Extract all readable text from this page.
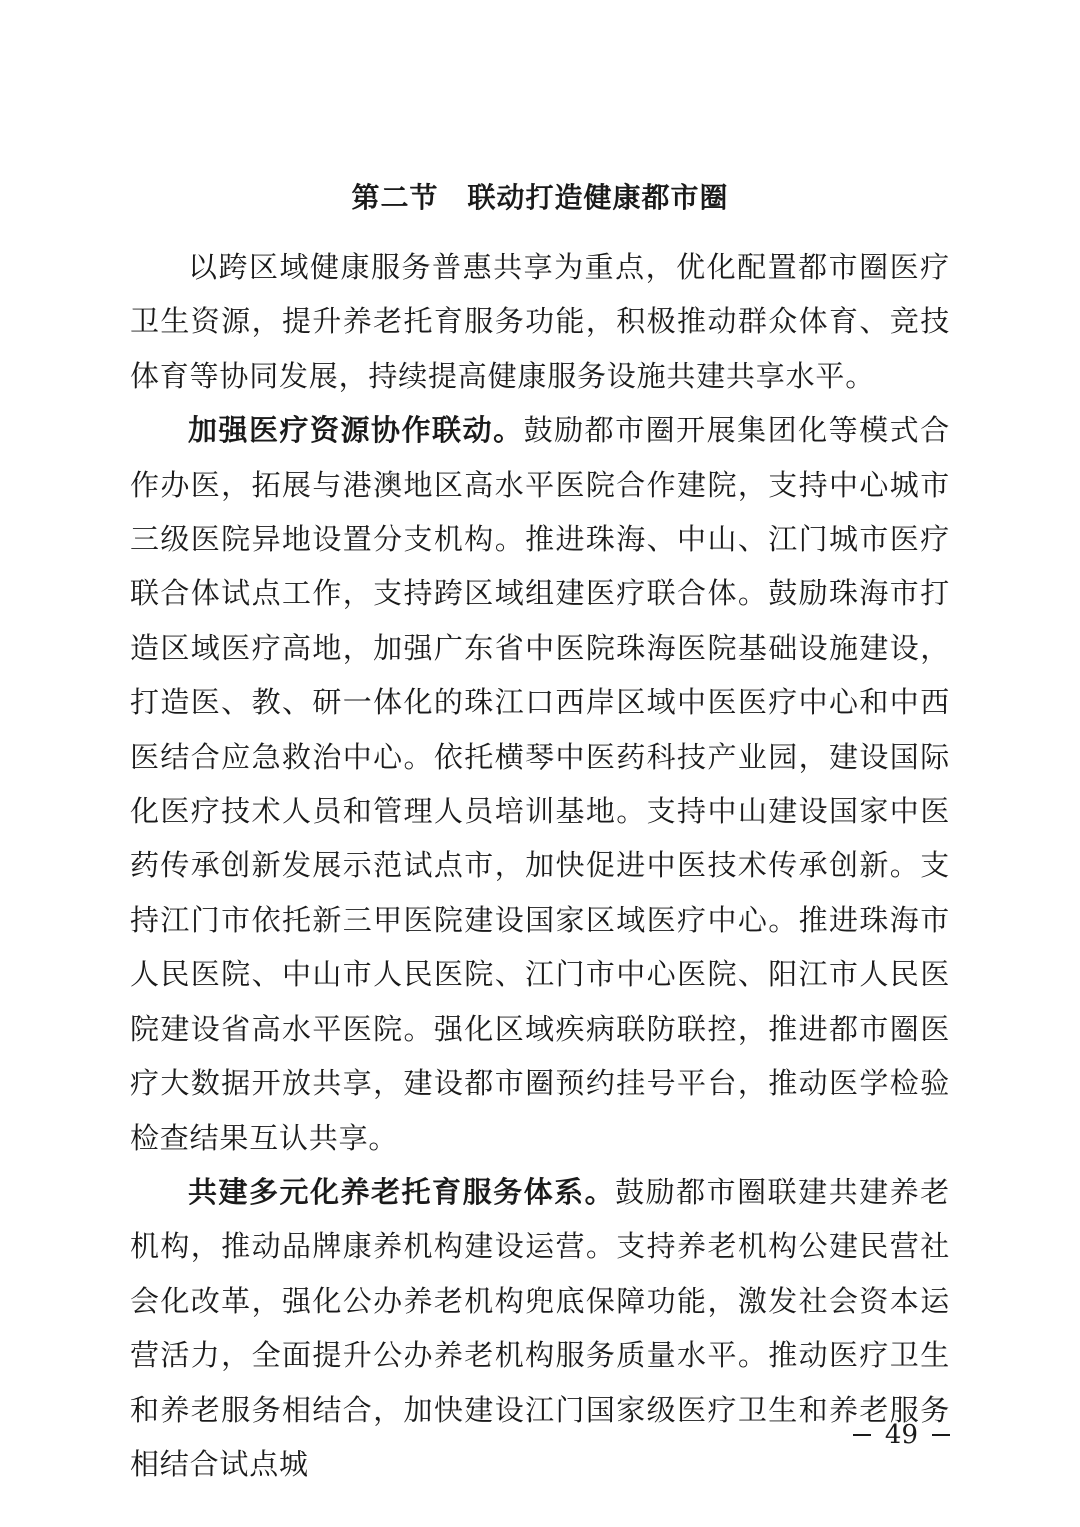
第二节　联动打造健康都市圈

以跨区域健康服务普惠共享为重点，优化配置都市圈医疗卫生资源，提升养老托育服务功能，积极推动群众体育、竞技体育等协同发展，持续提高健康服务设施共建共享水平。

加强医疗资源协作联动。鼓励都市圈开展集团化等模式合作办医，拓展与港澳地区高水平医院合作建院，支持中心城市三级医院异地设置分支机构。推进珠海、中山、江门城市医疗联合体试点工作，支持跨区域组建医疗联合体。鼓励珠海市打造区域医疗高地，加强广东省中医院珠海医院基础设施建设，打造医、教、研一体化的珠江口西岸区域中医医疗中心和中西医结合应急救治中心。依托横琴中医药科技产业园，建设国际化医疗技术人员和管理人员培训基地。支持中山建设国家中医药传承创新发展示范试点市，加快促进中医技术传承创新。支持江门市依托新三甲医院建设国家区域医疗中心。推进珠海市人民医院、中山市人民医院、江门市中心医院、阳江市人民医院建设省高水平医院。强化区域疾病联防联控，推进都市圈医疗大数据开放共享，建设都市圈预约挂号平台，推动医学检验检查结果互认共享。

共建多元化养老托育服务体系。鼓励都市圈联建共建养老机构，推动品牌康养机构建设运营。支持养老机构公建民营社会化改革，强化公办养老机构兜底保障功能，激发社会资本运营活力，全面提升公办养老机构服务质量水平。推动医疗卫生和养老服务相结合，加快建设江门国家级医疗卫生和养老服务相结合试点城

49
